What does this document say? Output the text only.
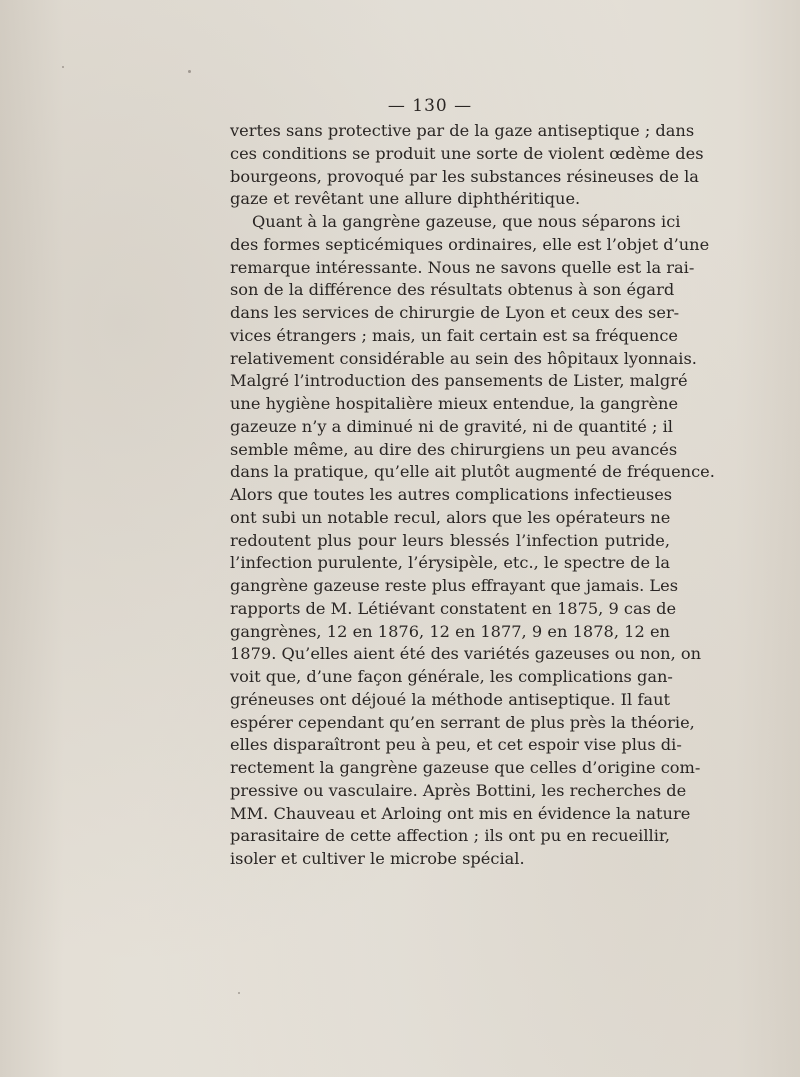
— 130 —
vertes sans protective par de la gaze antiseptique ; dans
ces conditions se produit une sorte de violent œdème des
bourgeons, provoqué par les substances résineuses de la
gaze et revêtant une allure diphthéritique.
Quant à la gangrène gazeuse, que nous séparons ici
des formes septicémiques ordinaires, elle est l’objet d’une
remarque intéressante. Nous ne savons quelle est la rai-
son de la différence des résultats obtenus à son égard
dans les services de chirurgie de Lyon et ceux des ser-
vices étrangers ; mais, un fait certain est sa fréquence
relativement considérable au sein des hôpitaux lyonnais.
Malgré l’introduction des pansements de Lister, malgré
une hygiène hospitalière mieux entendue, la gangrène
gazeuze n’y a diminué ni de gravité, ni de quantité ; il
semble même, au dire des chirurgiens un peu avancés
dans la pratique, qu’elle ait plutôt augmenté de fréquence.
Alors que toutes les autres complications infectieuses
ont subi un notable recul, alors que les opérateurs ne
redoutent plus pour leurs blessés l’infection putride,
l’infection purulente, l’érysipèle, etc., le spectre de la
gangrène gazeuse reste plus effrayant que jamais. Les
rapports de M. Létiévant constatent en 1875, 9 cas de
gangrènes, 12 en 1876, 12 en 1877, 9 en 1878, 12 en
1879. Qu’elles aient été des variétés gazeuses ou non, on
voit que, d’une façon générale, les complications gan-
gréneuses ont déjoué la méthode antiseptique. Il faut
espérer cependant qu’en serrant de plus près la théorie,
elles disparaîtront peu à peu, et cet espoir vise plus di-
rectement la gangrène gazeuse que celles d’origine com-
pressive ou vasculaire. Après Bottini, les recherches de
MM. Chauveau et Arloing ont mis en évidence la nature
parasitaire de cette affection ; ils ont pu en recueillir,
isoler et cultiver le microbe spécial.
